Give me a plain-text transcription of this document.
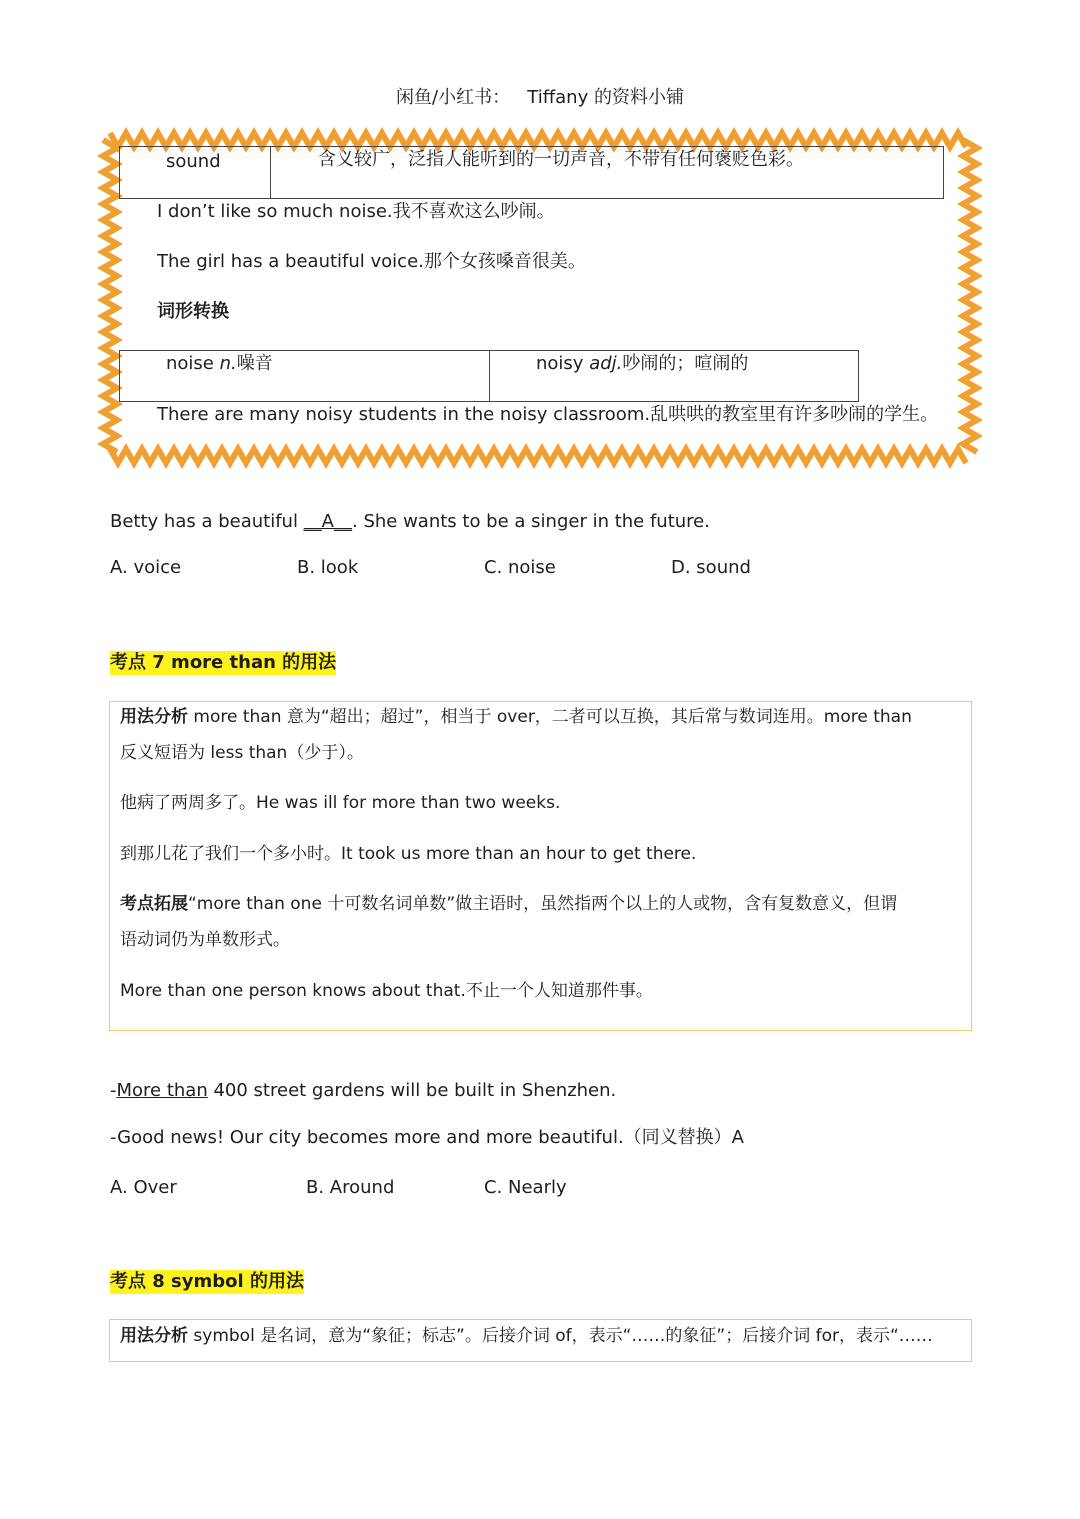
闲鱼/小红书： Tiffany 的资料小铺
sound	含义较广，泛指人能听到的一切声音，不带有任何褒贬色彩。
I don’t like so much noise.我不喜欢这么吵闹。
The girl has a beautiful voice.那个女孩嗓音很美。
词形转换
noise n.噪音	noisy adj.吵闹的；喧闹的
There are many noisy students in the noisy classroom.乱哄哄的教室里有许多吵闹的学生。
Betty has a beautiful __A__. She wants to be a singer in the future.
A. voice	B. look	C. noise	D. sound
考点 7 more than 的用法
用法分析 more than 意为“超出；超过”，相当于 over，二者可以互换，其后常与数词连用。more than
反义短语为 less than（少于）。
他病了两周多了。He was ill for more than two weeks.
到那儿花了我们一个多小时。It took us more than an hour to get there.
考点拓展“more than one 十可数名词单数”做主语时，虽然指两个以上的人或物，含有复数意义，但谓
语动词仍为单数形式。
More than one person knows about that.不止一个人知道那件事。
-More than 400 street gardens will be built in Shenzhen.
-Good news! Our city becomes more and more beautiful.（同义替换）A
A. Over	B. Around	C. Nearly
考点 8 symbol 的用法
用法分析 symbol 是名词，意为“象征；标志”。后接介词 of，表示“……的象征”；后接介词 for，表示“……
